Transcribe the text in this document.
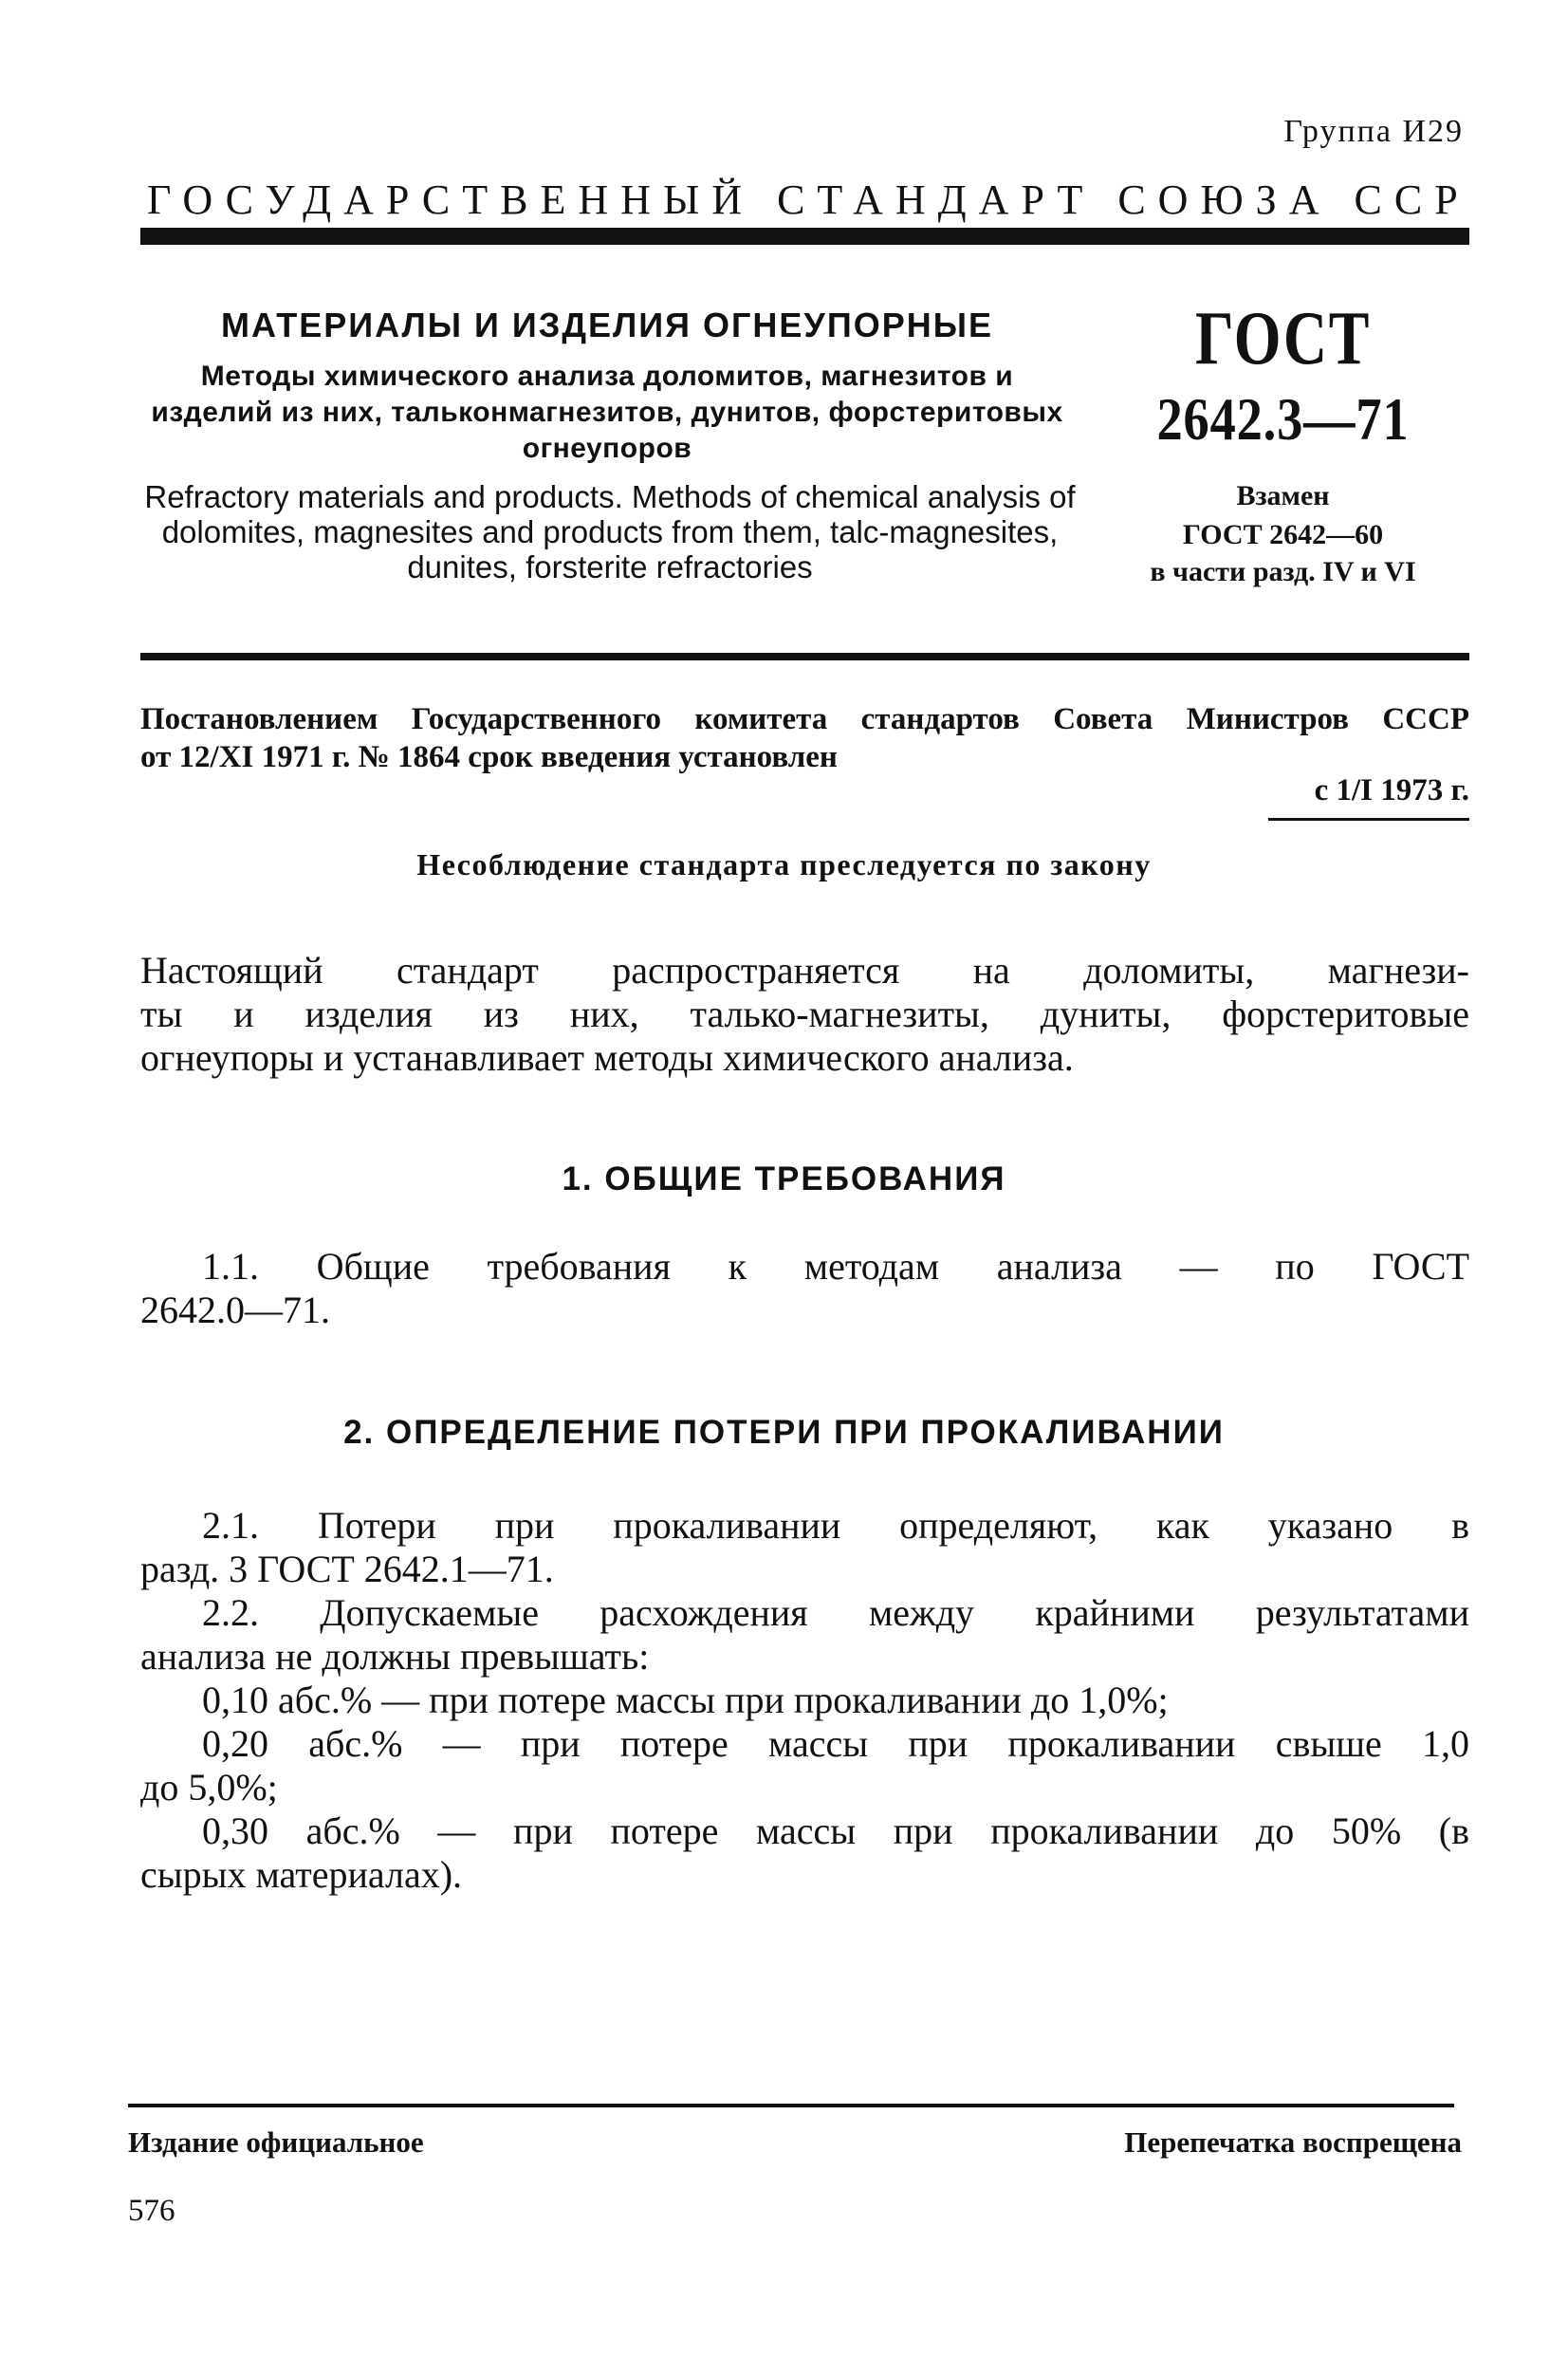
Группа И29
ГОСУДАРСТВЕННЫЙ СТАНДАРТ СОЮЗА ССР
МАТЕРИАЛЫ И ИЗДЕЛИЯ ОГНЕУПОРНЫЕ
Методы химического анализа доломитов, магнезитов и изделий из них, тальконмагнезитов, дунитов, форстеритовых огнеупоров
Refractory materials and products. Methods of chemical analysis of dolomites, magnesites and products from them, talc-magnesites, dunites, forsterite refractories
ГОСТ
2642.3—71
Взамен
ГОСТ 2642—60
в части разд. IV и VI
Постановлением Государственного комитета стандартов Совета Министров СССР
от 12/XI 1971 г. № 1864 срок введения установлен
с 1/I 1973 г.
Несоблюдение стандарта преследуется по закону
Настоящий стандарт распространяется на доломиты, магнези-
ты и изделия из них, талько-магнезиты, дуниты, форстеритовые
огнеупоры и устанавливает методы химического анализа.
1. ОБЩИЕ ТРЕБОВАНИЯ
1.1. Общие требования к методам анализа — по ГОСТ
2642.0—71.
2. ОПРЕДЕЛЕНИЕ ПОТЕРИ ПРИ ПРОКАЛИВАНИИ
2.1. Потери при прокаливании определяют, как указано в
разд. 3 ГОСТ 2642.1—71.
2.2. Допускаемые расхождения между крайними результатами
анализа не должны превышать:
0,10 абс.% — при потере массы при прокаливании до 1,0%;
0,20 абс.% — при потере массы при прокаливании свыше 1,0
до 5,0%;
0,30 абс.% — при потере массы при прокаливании до 50% (в
сырых материалах).
Издание официальное	Перепечатка воспрещена
576
